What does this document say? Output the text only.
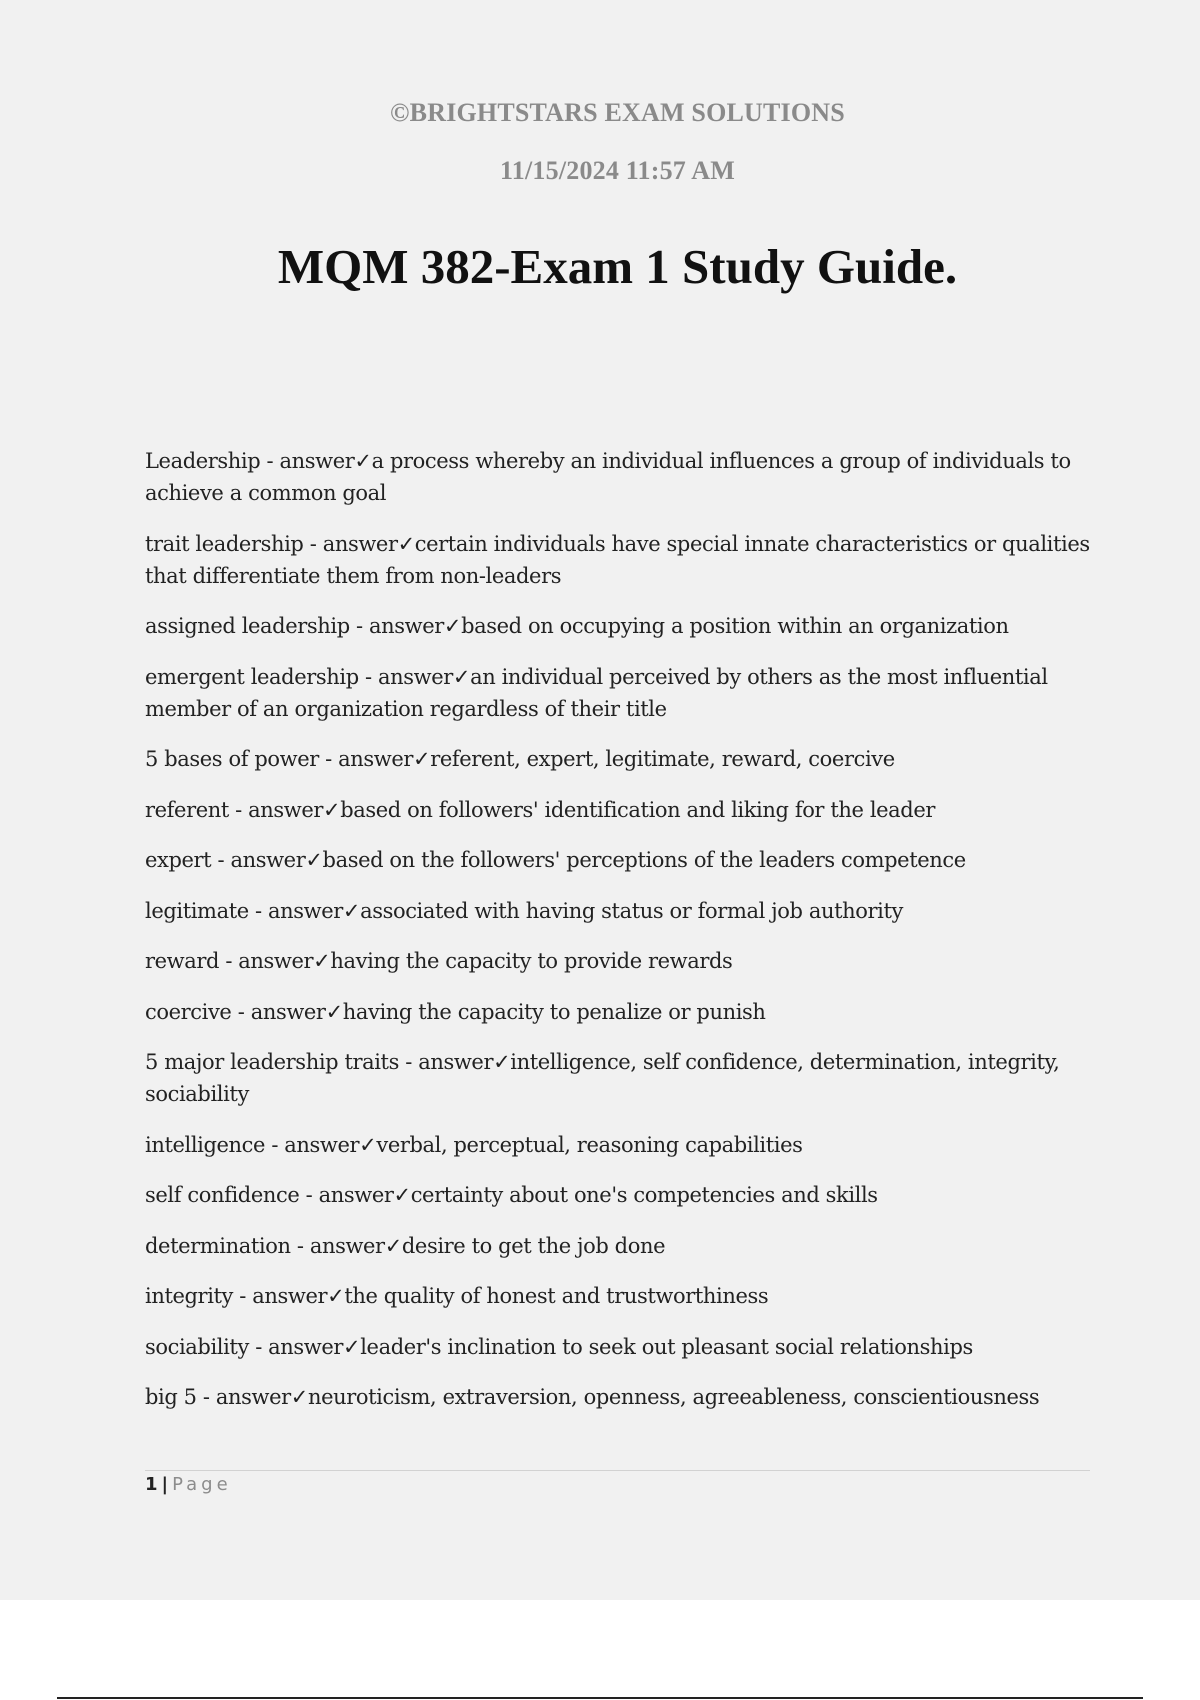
©BRIGHTSTARS EXAM SOLUTIONS
11/15/2024 11:57 AM
MQM 382-Exam 1 Study Guide.

Leadership - answer✓a process whereby an individual influences a group of individuals to achieve a common goal

trait leadership - answer✓certain individuals have special innate characteristics or qualities that differentiate them from non-leaders

assigned leadership - answer✓based on occupying a position within an organization

emergent leadership - answer✓an individual perceived by others as the most influential member of an organization regardless of their title

5 bases of power - answer✓referent, expert, legitimate, reward, coercive

referent - answer✓based on followers' identification and liking for the leader

expert - answer✓based on the followers' perceptions of the leaders competence

legitimate - answer✓associated with having status or formal job authority

reward - answer✓having the capacity to provide rewards

coercive - answer✓having the capacity to penalize or punish

5 major leadership traits - answer✓intelligence, self confidence, determination, integrity, sociability

intelligence - answer✓verbal, perceptual, reasoning capabilities

self confidence - answer✓certainty about one's competencies and skills

determination - answer✓desire to get the job done

integrity - answer✓the quality of honest and trustworthiness

sociability - answer✓leader's inclination to seek out pleasant social relationships

big 5 - answer✓neuroticism, extraversion, openness, agreeableness, conscientiousness

1 | Page
